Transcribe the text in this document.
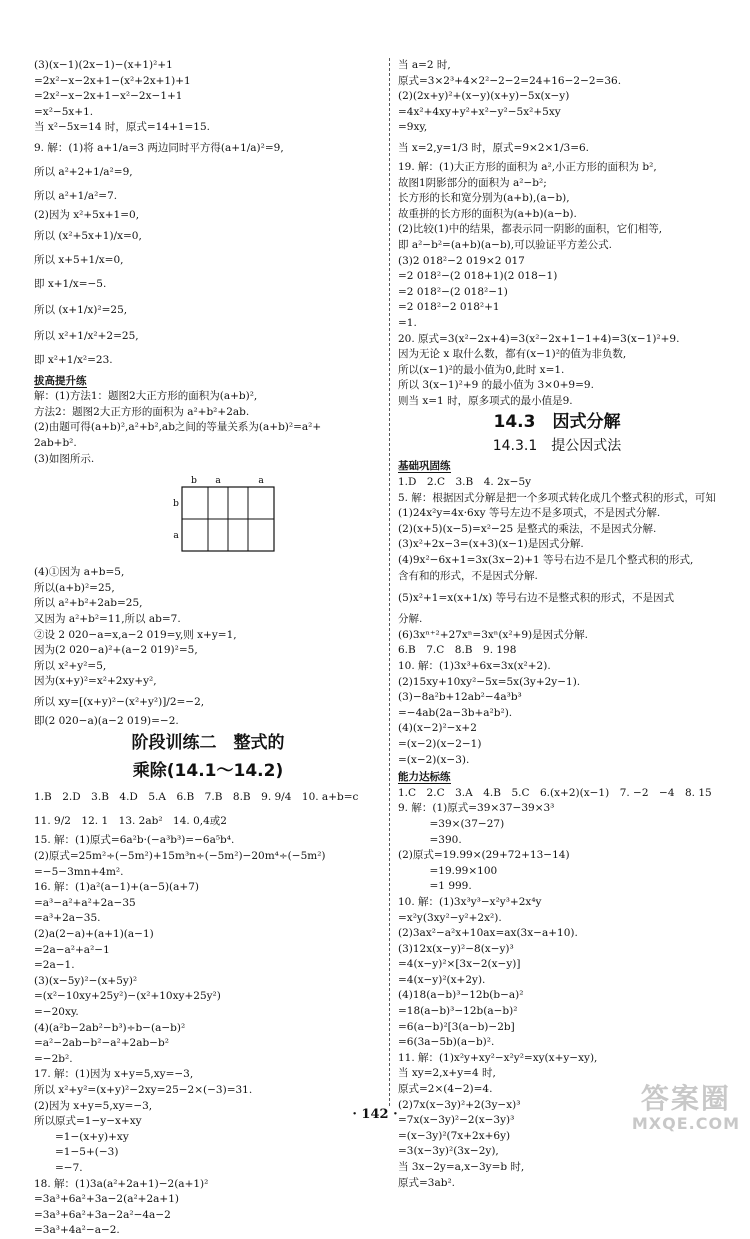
(3)(x−1)(2x−1)−(x+1)²+1
=2x²−x−2x+1−(x²+2x+1)+1
=2x²−x−2x+1−x²−2x−1+1
=x²−5x+1.
当 x²−5x=14 时，原式=14+1=15.
9. 解：(1)将 a+1/a=3 两边同时平方得(a+1/a)²=9,
所以 a²+2+1/a²=9,
所以 a²+1/a²=7.
(2)因为 x²+5x+1=0,
所以 (x²+5x+1)/x=0,
所以 x+5+1/x=0,
即 x+1/x=−5.
所以 (x+1/x)²=25,
所以 x²+1/x²+2=25,
即 x²+1/x²=23.
拔高提升练
解：(1)方法1：题图2大正方形的面积为(a+b)²,
方法2：题图2大正方形的面积为 a²+b²+2ab.
(2)由题可得(a+b)²,a²+b²,ab之间的等量关系为(a+b)²=a²+
2ab+b².
(3)如图所示.
b a	a
b
a
(4)①因为 a+b=5,
所以(a+b)²=25,
所以 a²+b²+2ab=25,
又因为 a²+b²=11,所以 ab=7.
②设 2 020−a=x,a−2 019=y,则 x+y=1,
因为(2 020−a)²+(a−2 019)²=5,
所以 x²+y²=5,
因为(x+y)²=x²+2xy+y²,
所以 xy=[(x+y)²−(x²+y²)]/2=−2,
即(2 020−a)(a−2 019)=−2.
阶段训练二　整式的
乘除(14.1～14.2)
1.B　2.D　3.B　4.D　5.A　6.B　7.B　8.B　9. 9/4　10. a+b=c
11. 9/2　12. 1　13. 2ab²　14. 0,4或2
15. 解：(1)原式=6a²b·(−a³b³)=−6a⁵b⁴.
(2)原式=25m²÷(−5m²)+15m³n÷(−5m²)−20m⁴÷(−5m²)
=−5−3mn+4m².
16. 解：(1)a²(a−1)+(a−5)(a+7)
=a³−a²+a²+2a−35
=a³+2a−35.
(2)a(2−a)+(a+1)(a−1)
=2a−a²+a²−1
=2a−1.
(3)(x−5y)²−(x+5y)²
=(x²−10xy+25y²)−(x²+10xy+25y²)
=−20xy.
(4)(a²b−2ab²−b³)÷b−(a−b)²
=a²−2ab−b²−a²+2ab−b²
=−2b².
17. 解：(1)因为 x+y=5,xy=−3,
所以 x²+y²=(x+y)²−2xy=25−2×(−3)=31.
(2)因为 x+y=5,xy=−3,
所以原式=1−y−x+xy
　　=1−(x+y)+xy
　　=1−5+(−3)
　　=−7.
18. 解：(1)3a(a²+2a+1)−2(a+1)²
=3a³+6a²+3a−2(a²+2a+1)
=3a³+6a²+3a−2a²−4a−2
=3a³+4a²−a−2.
当 a=2 时,
原式=3×2³+4×2²−2−2=24+16−2−2=36.
(2)(2x+y)²+(x−y)(x+y)−5x(x−y)
=4x²+4xy+y²+x²−y²−5x²+5xy
=9xy,
当 x=2,y=1/3 时，原式=9×2×1/3=6.
19. 解：(1)大正方形的面积为 a²,小正方形的面积为 b²,
故图1阴影部分的面积为 a²−b²;
长方形的长和宽分别为(a+b),(a−b),
故重拼的长方形的面积为(a+b)(a−b).
(2)比较(1)中的结果，都表示同一阴影的面积，它们相等,
即 a²−b²=(a+b)(a−b),可以验证平方差公式.
(3)2 018²−2 019×2 017
=2 018²−(2 018+1)(2 018−1)
=2 018²−(2 018²−1)
=2 018²−2 018²+1
=1.
20. 原式=3(x²−2x+4)=3(x²−2x+1−1+4)=3(x−1)²+9.
因为无论 x 取什么数，都有(x−1)²的值为非负数,
所以(x−1)²的最小值为0,此时 x=1.
所以 3(x−1)²+9 的最小值为 3×0+9=9.
则当 x=1 时，原多项式的最小值是9.
14.3　因式分解
14.3.1　提公因式法
基础巩固练
1.D　2.C　3.B　4. 2x−5y
5. 解：根据因式分解是把一个多项式转化成几个整式积的形式，可知
(1)24x²y=4x·6xy 等号左边不是多项式，不是因式分解.
(2)(x+5)(x−5)=x²−25 是整式的乘法，不是因式分解.
(3)x²+2x−3=(x+3)(x−1)是因式分解.
(4)9x²−6x+1=3x(3x−2)+1 等号右边不是几个整式积的形式,
含有和的形式，不是因式分解.
(5)x²+1=x(x+1/x) 等号右边不是整式积的形式，不是因式
分解.
(6)3xⁿ⁺²+27xⁿ=3xⁿ(x²+9)是因式分解.
6.B　7.C　8.B　9. 198
10. 解：(1)3x³+6x=3x(x²+2).
(2)15xy+10xy²−5x=5x(3y+2y−1).
(3)−8a²b+12ab²−4a³b³
=−4ab(2a−3b+a²b²).
(4)(x−2)²−x+2
=(x−2)(x−2−1)
=(x−2)(x−3).
能力达标练
1.C　2.C　3.A　4.B　5.C　6.(x+2)(x−1)　7. −2　−4　8. 15
9. 解：(1)原式=39×37−39×3³
　　　=39×(37−27)
　　　=390.
(2)原式=19.99×(29+72+13−14)
　　　=19.99×100
　　　=1 999.
10. 解：(1)3x³y³−x²y³+2x⁴y
=x²y(3xy²−y²+2x²).
(2)3ax²−a²x+10ax=ax(3x−a+10).
(3)12x(x−y)²−8(x−y)³
=4(x−y)²×[3x−2(x−y)]
=4(x−y)²(x+2y).
(4)18(a−b)³−12b(b−a)²
=18(a−b)³−12b(a−b)²
=6(a−b)²[3(a−b)−2b]
=6(3a−5b)(a−b)².
11. 解：(1)x²y+xy²−x²y²=xy(x+y−xy),
当 xy=2,x+y=4 时,
原式=2×(4−2)=4.
(2)7x(x−3y)²+2(3y−x)³
=7x(x−3y)²−2(x−3y)³
=(x−3y)²(7x+2x+6y)
=3(x−3y)²(3x−2y),
当 3x−2y=a,x−3y=b 时,
原式=3ab².
· 142 ·	答案圈
MXQE.COM
